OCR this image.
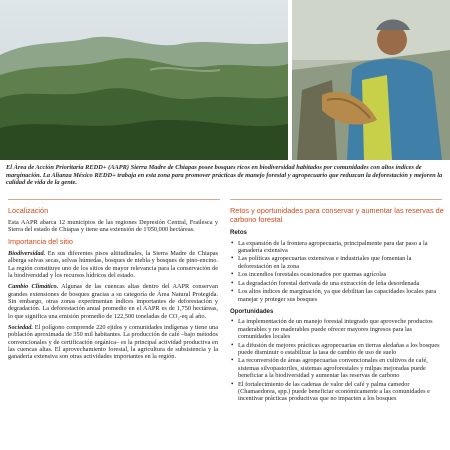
El Área de Acción Prioritaria REDD+ (AAPR) Sierra Madre de Chiapas posee bosques ricos en biodiversidad habitados por comunidades con altos índices de marginación. La Alianza México REDD+ trabaja en esta zona para promover prácticas de manejo forestal y agropecuario que reduzcan la deforestación y mejoren la calidad de vida de la gente.
Localización

Esta AAPR abarca 12 municipios de las regiones Depresión Central, Frailesca y Sierra del estado de Chiapas y tiene una extensión de 1'050,000 hectáreas.

Importancia del sitio

Biodiversidad. En sus diferentes pisos altitudinales, la Sierra Madre de Chiapas alberga selvas secas, selvas húmedas, bosques de niebla y bosques de pino-encino. La región constituye uno de los sitios de mayor relevancia para la conservación de la biodiversidad y los recursos hídricos del estado.

Cambio Climático. Algunas de las cuencas altas dentro del AAPR conservan grandes extensiones de bosques gracias a su categoría de Área Natural Protegida. Sin embargo, otras zonas experimentan índices importantes de deforestación y degradación. La deforestación anual promedio en el AAPR es de 1,750 hectáreas, lo que significa una emisión promedio de 122,500 toneladas de CO₂-eq al año.

Sociedad. El polígono comprende 220 ejidos y comunidades indígenas y tiene una población aproximada de 350 mil habitantes. La producción de café –bajo métodos convencionales y de certificación orgánica– es la principal actividad productiva en las cuencas altas. El aprovechamiento forestal, la agricultura de subsistencia y la ganadería extensiva son otras actividades importantes en la región.

Retos y oportunidades para conservar y aumentar las reservas de carbono forestal
Retos
• La expansión de la frontera agropecuaria, principalmente para dar paso a la ganadería extensiva
• Las políticas agropecuarias extensivas e industriales que fomentan la deforestación en la zona
• Los incendios forestales ocasionados por quemas agrícolas
• La degradación forestal derivada de una extracción de leña desordenada
• Los altos índices de marginación, ya que debilitan las capacidades locales para manejar y proteger sus bosques
Oportunidades
• La implementación de un manejo forestal integrado que aproveche productos maderables y no maderables puede ofrecer mayores ingresos para las comunidades locales
• La difusión de mejores prácticas agropecuarias en tierras aledañas a los bosques puede disminuir o estabilizar la tasa de cambio de uso de suelo
• La reconversión de áreas agropecuarias convencionales en cultivos de café, sistemas silvopastoriles, sistemas agroforestales y milpas mejoradas puede beneficiar a la biodiversidad y aumentar las reservas de carbono
• El fortalecimiento de las cadenas de valor del café y palma camedor (Chamaedorea, spp.) puede beneficiar económicamente a las comunidades e incentivar prácticas productivas que no impacten a los bosques
